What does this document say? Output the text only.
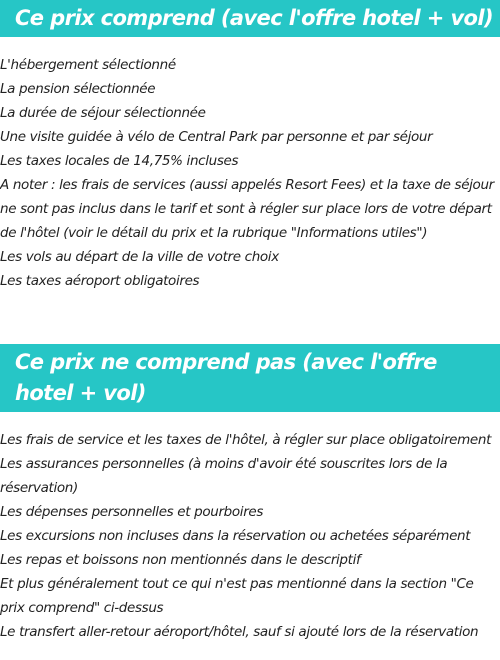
Ce prix comprend (avec l'offre hotel + vol)
L'hébergement sélectionné
La pension sélectionnée
La durée de séjour sélectionnée
Une visite guidée à vélo de Central Park par personne et par séjour
Les taxes locales de 14,75% incluses
A noter : les frais de services (aussi appelés Resort Fees) et la taxe de séjour ne sont pas inclus dans le tarif et sont à régler sur place lors de votre départ de l'hôtel (voir le détail du prix et la rubrique "Informations utiles")
Les vols au départ de la ville de votre choix
Les taxes aéroport obligatoires
Ce prix ne comprend pas (avec l'offre hotel + vol)
Les frais de service et les taxes de l'hôtel, à régler sur place obligatoirement
Les assurances personnelles (à moins d'avoir été souscrites lors de la réservation)
Les dépenses personnelles et pourboires
Les excursions non incluses dans la réservation ou achetées séparément
Les repas et boissons non mentionnés dans le descriptif
Et plus généralement tout ce qui n'est pas mentionné dans la section "Ce prix comprend" ci-dessus
Le transfert aller-retour aéroport/hôtel, sauf si ajouté lors de la réservation
